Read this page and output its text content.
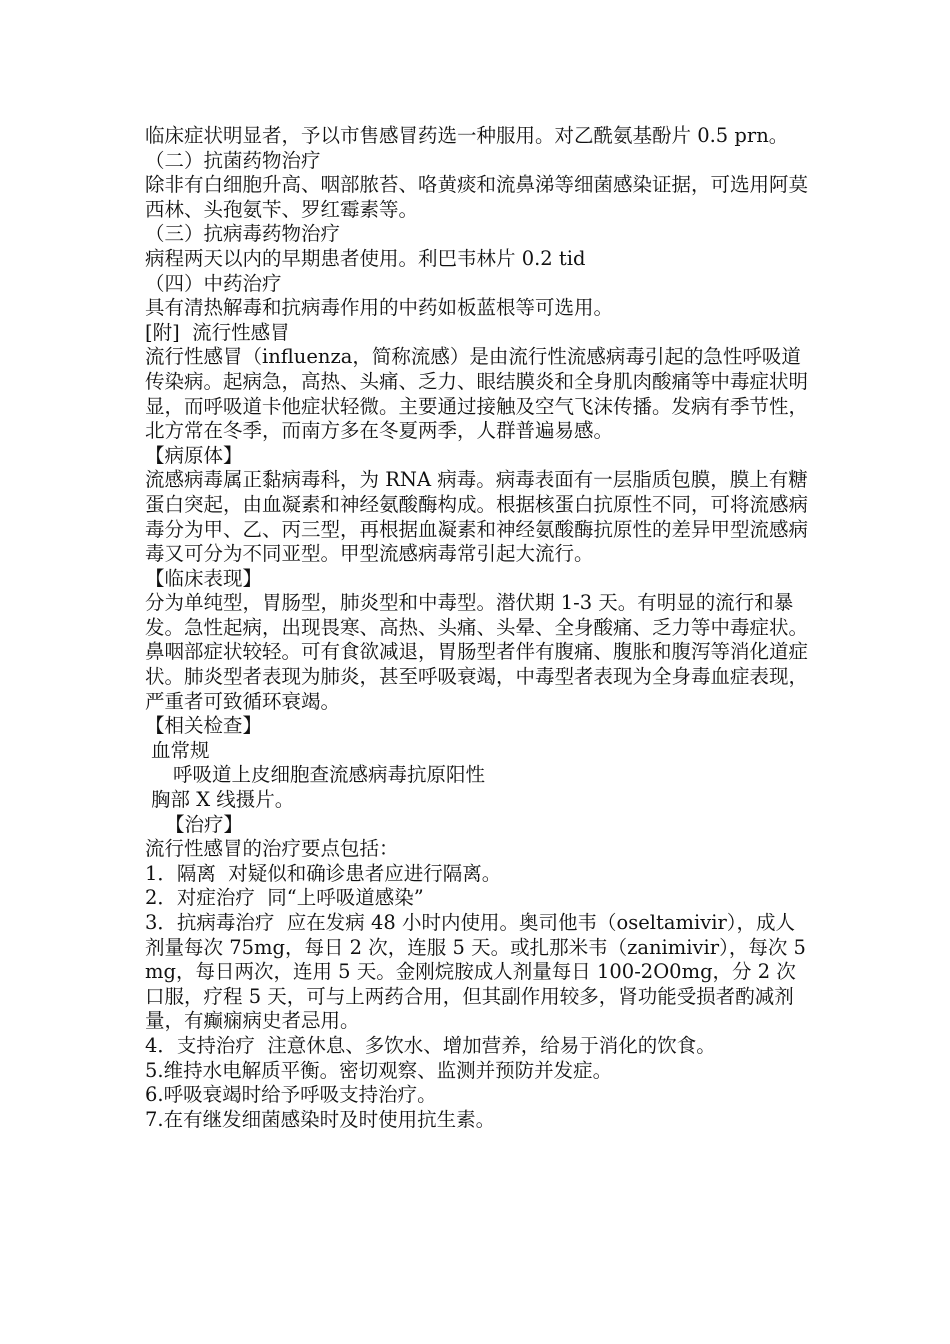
临床症状明显者，予以市售感冒药选一种服用。对乙酰氨基酚片 0.5 prn。

（二）抗菌药物治疗

除非有白细胞升高、咽部脓苔、咯黄痰和流鼻涕等细菌感染证据，可选用阿莫西林、头孢氨苄、罗红霉素等。

（三）抗病毒药物治疗

病程两天以内的早期患者使用。利巴韦林片 0.2 tid

（四）中药治疗

具有清热解毒和抗病毒作用的中药如板蓝根等可选用。

[附]  流行性感冒

流行性感冒（influenza，简称流感）是由流行性流感病毒引起的急性呼吸道传染病。起病急，高热、头痛、乏力、眼结膜炎和全身肌肉酸痛等中毒症状明显，而呼吸道卡他症状轻微。主要通过接触及空气飞沫传播。发病有季节性，北方常在冬季，而南方多在冬夏两季，人群普遍易感。

【病原体】

流感病毒属正黏病毒科，为 RNA 病毒。病毒表面有一层脂质包膜，膜上有糖蛋白突起，由血凝素和神经氨酸酶构成。根据核蛋白抗原性不同，可将流感病毒分为甲、乙、丙三型，再根据血凝素和神经氨酸酶抗原性的差异甲型流感病毒又可分为不同亚型。甲型流感病毒常引起大流行。

【临床表现】

分为单纯型，胃肠型，肺炎型和中毒型。潜伏期 1-3 天。有明显的流行和暴发。急性起病，出现畏寒、高热、头痛、头晕、全身酸痛、乏力等中毒症状。鼻咽部症状较轻。可有食欲减退，胃肠型者伴有腹痛、腹胀和腹泻等消化道症状。肺炎型者表现为肺炎，甚至呼吸衰竭，中毒型者表现为全身毒血症表现，严重者可致循环衰竭。

【相关检查】

血常规

呼吸道上皮细胞查流感病毒抗原阳性

胸部 X 线摄片。

【治疗】

流行性感冒的治疗要点包括：

1．隔离  对疑似和确诊患者应进行隔离。

2．对症治疗  同“上呼吸道感染”

3．抗病毒治疗  应在发病 48 小时内使用。奥司他韦（oseltamivir），成人剂量每次 75mg，每日 2 次，连服 5 天。或扎那米韦（zanimivir），每次 5mg，每日两次，连用 5 天。金刚烷胺成人剂量每日 100-2O0mg，分 2 次口服，疗程 5 天，可与上两药合用，但其副作用较多，肾功能受损者酌减剂量，有癫痫病史者忌用。

4．支持治疗  注意休息、多饮水、增加营养，给易于消化的饮食。

5.维持水电解质平衡。密切观察、监测并预防并发症。

6.呼吸衰竭时给予呼吸支持治疗。

7.在有继发细菌感染时及时使用抗生素。
